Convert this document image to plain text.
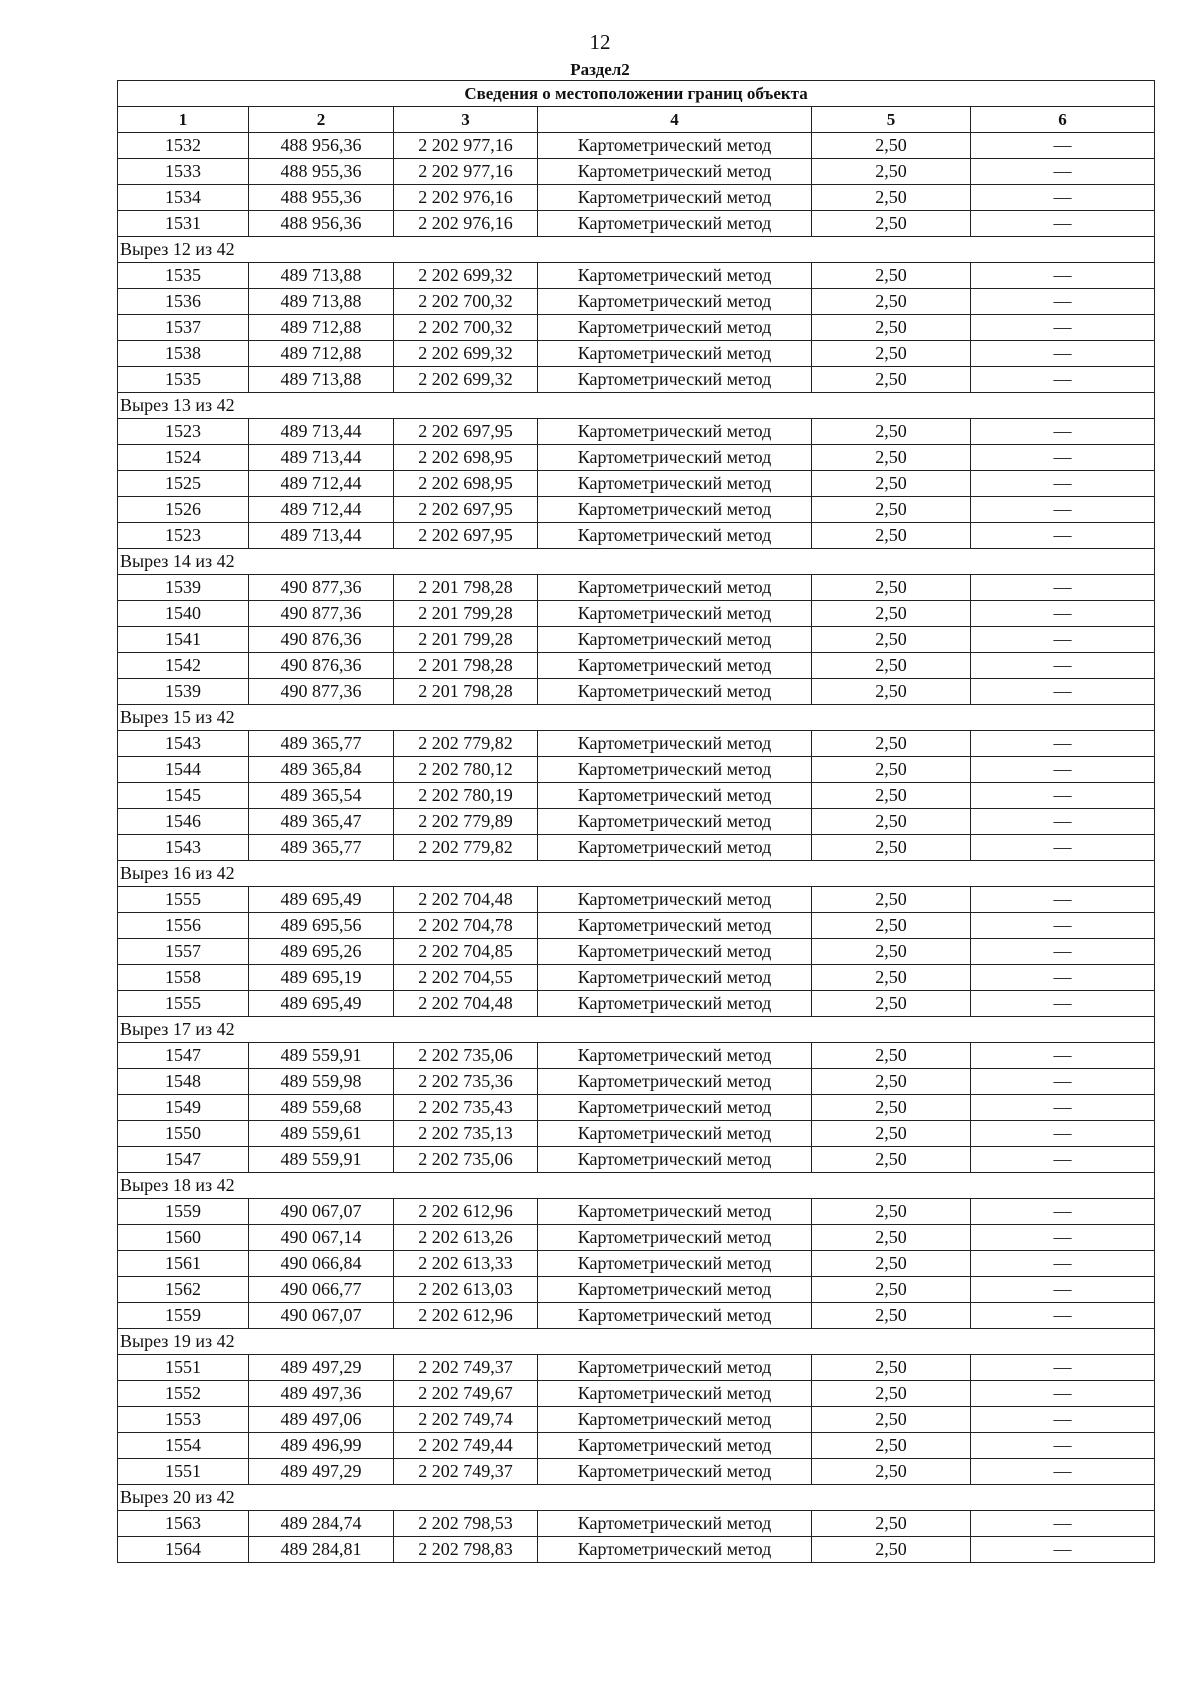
12
Раздел2
Сведения о местоположении границ объекта					
1	2	3	4	5	6
1532	488 956,36	2 202 977,16	Картометрический метод	2,50	—
1533	488 955,36	2 202 977,16	Картометрический метод	2,50	—
1534	488 955,36	2 202 976,16	Картометрический метод	2,50	—
1531	488 956,36	2 202 976,16	Картометрический метод	2,50	—
Вырез 12 из 42					
1535	489 713,88	2 202 699,32	Картометрический метод	2,50	—
1536	489 713,88	2 202 700,32	Картометрический метод	2,50	—
1537	489 712,88	2 202 700,32	Картометрический метод	2,50	—
1538	489 712,88	2 202 699,32	Картометрический метод	2,50	—
1535	489 713,88	2 202 699,32	Картометрический метод	2,50	—
Вырез 13 из 42					
1523	489 713,44	2 202 697,95	Картометрический метод	2,50	—
1524	489 713,44	2 202 698,95	Картометрический метод	2,50	—
1525	489 712,44	2 202 698,95	Картометрический метод	2,50	—
1526	489 712,44	2 202 697,95	Картометрический метод	2,50	—
1523	489 713,44	2 202 697,95	Картометрический метод	2,50	—
Вырез 14 из 42					
1539	490 877,36	2 201 798,28	Картометрический метод	2,50	—
1540	490 877,36	2 201 799,28	Картометрический метод	2,50	—
1541	490 876,36	2 201 799,28	Картометрический метод	2,50	—
1542	490 876,36	2 201 798,28	Картометрический метод	2,50	—
1539	490 877,36	2 201 798,28	Картометрический метод	2,50	—
Вырез 15 из 42					
1543	489 365,77	2 202 779,82	Картометрический метод	2,50	—
1544	489 365,84	2 202 780,12	Картометрический метод	2,50	—
1545	489 365,54	2 202 780,19	Картометрический метод	2,50	—
1546	489 365,47	2 202 779,89	Картометрический метод	2,50	—
1543	489 365,77	2 202 779,82	Картометрический метод	2,50	—
Вырез 16 из 42					
1555	489 695,49	2 202 704,48	Картометрический метод	2,50	—
1556	489 695,56	2 202 704,78	Картометрический метод	2,50	—
1557	489 695,26	2 202 704,85	Картометрический метод	2,50	—
1558	489 695,19	2 202 704,55	Картометрический метод	2,50	—
1555	489 695,49	2 202 704,48	Картометрический метод	2,50	—
Вырез 17 из 42					
1547	489 559,91	2 202 735,06	Картометрический метод	2,50	—
1548	489 559,98	2 202 735,36	Картометрический метод	2,50	—
1549	489 559,68	2 202 735,43	Картометрический метод	2,50	—
1550	489 559,61	2 202 735,13	Картометрический метод	2,50	—
1547	489 559,91	2 202 735,06	Картометрический метод	2,50	—
Вырез 18 из 42					
1559	490 067,07	2 202 612,96	Картометрический метод	2,50	—
1560	490 067,14	2 202 613,26	Картометрический метод	2,50	—
1561	490 066,84	2 202 613,33	Картометрический метод	2,50	—
1562	490 066,77	2 202 613,03	Картометрический метод	2,50	—
1559	490 067,07	2 202 612,96	Картометрический метод	2,50	—
Вырез 19 из 42					
1551	489 497,29	2 202 749,37	Картометрический метод	2,50	—
1552	489 497,36	2 202 749,67	Картометрический метод	2,50	—
1553	489 497,06	2 202 749,74	Картометрический метод	2,50	—
1554	489 496,99	2 202 749,44	Картометрический метод	2,50	—
1551	489 497,29	2 202 749,37	Картометрический метод	2,50	—
Вырез 20 из 42					
1563	489 284,74	2 202 798,53	Картометрический метод	2,50	—
1564	489 284,81	2 202 798,83	Картометрический метод	2,50	—
